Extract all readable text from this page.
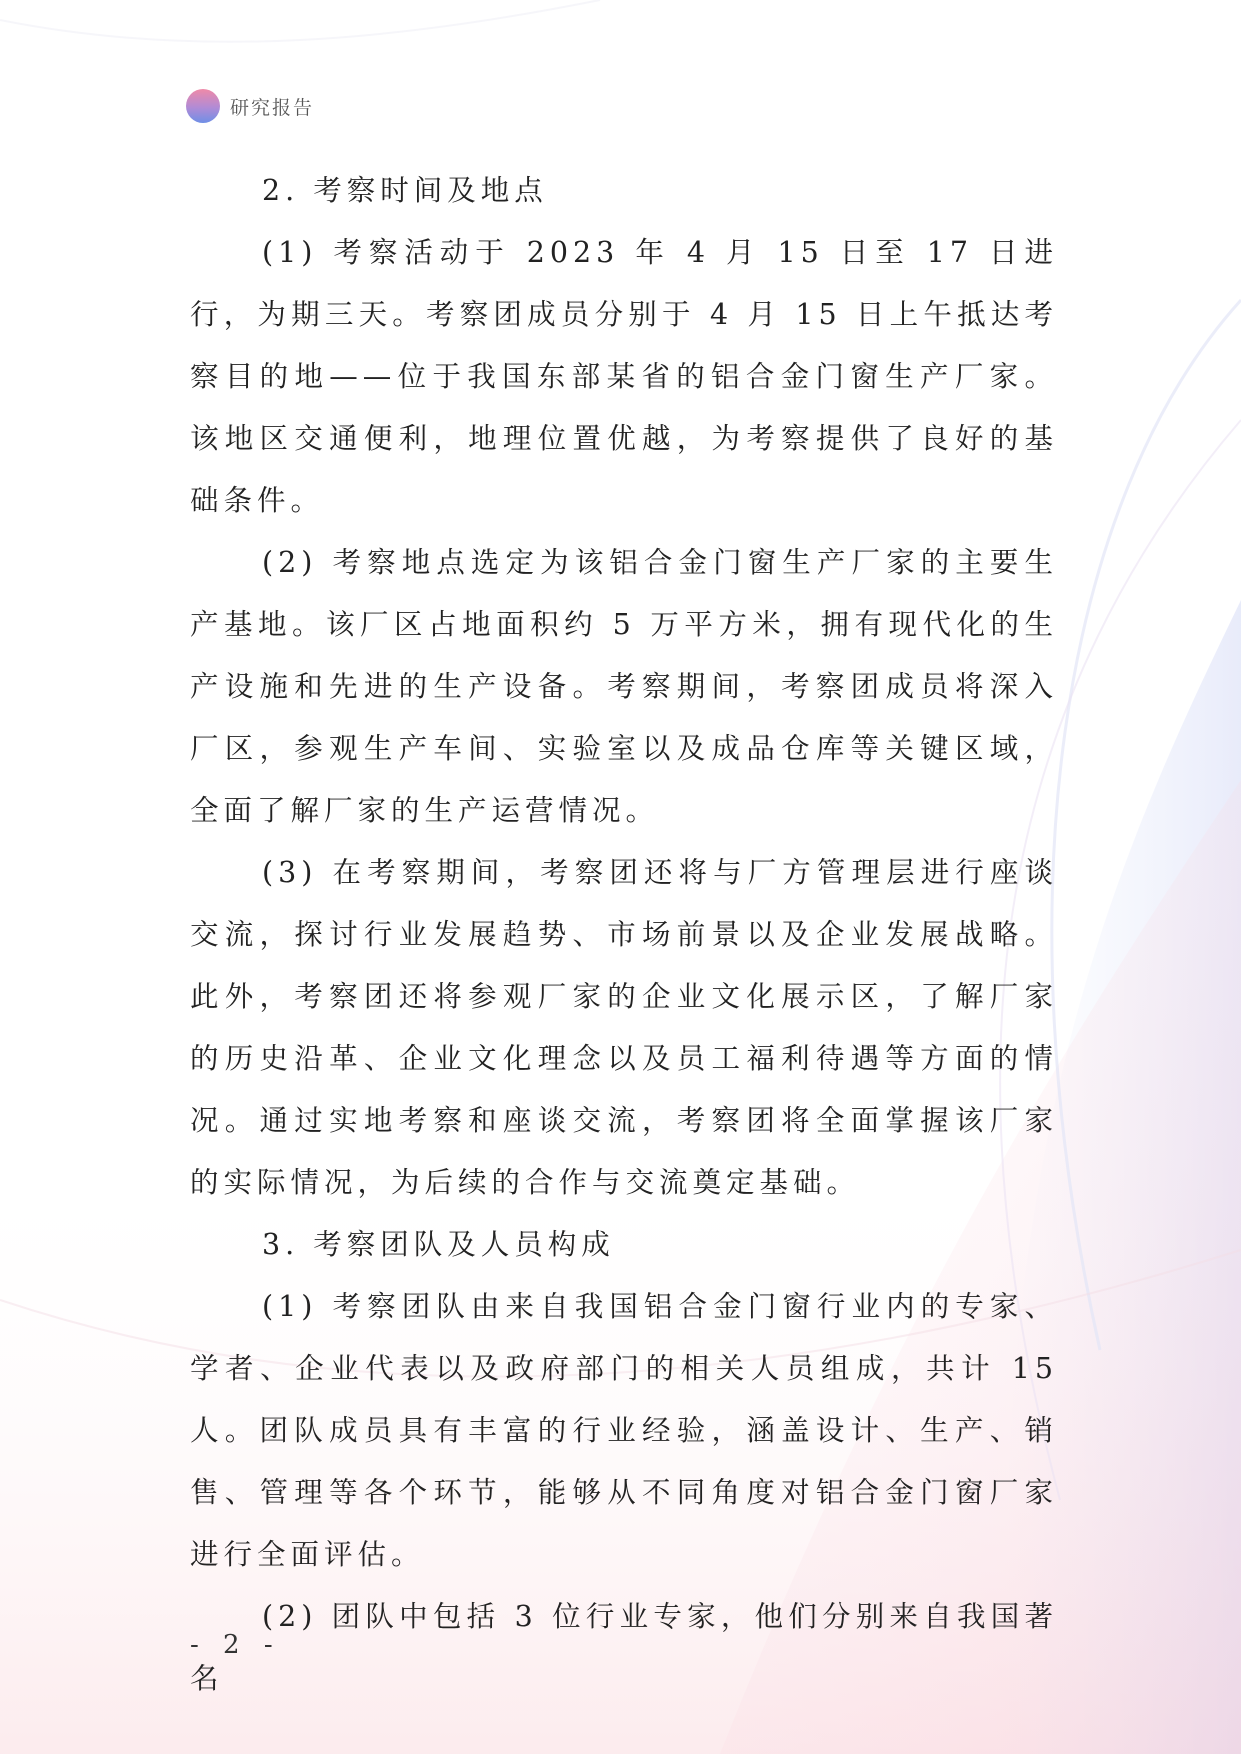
研究报告

2. 考察时间及地点

(1) 考察活动于 2023 年 4 月 15 日至 17 日进行，为期三天。考察团成员分别于 4 月 15 日上午抵达考察目的地——位于我国东部某省的铝合金门窗生产厂家。该地区交通便利，地理位置优越，为考察提供了良好的基础条件。

(2) 考察地点选定为该铝合金门窗生产厂家的主要生产基地。该厂区占地面积约 5 万平方米，拥有现代化的生产设施和先进的生产设备。考察期间，考察团成员将深入厂区，参观生产车间、实验室以及成品仓库等关键区域，全面了解厂家的生产运营情况。

(3) 在考察期间，考察团还将与厂方管理层进行座谈交流，探讨行业发展趋势、市场前景以及企业发展战略。此外，考察团还将参观厂家的企业文化展示区，了解厂家的历史沿革、企业文化理念以及员工福利待遇等方面的情况。通过实地考察和座谈交流，考察团将全面掌握该厂家的实际情况，为后续的合作与交流奠定基础。

3. 考察团队及人员构成

(1) 考察团队由来自我国铝合金门窗行业内的专家、学者、企业代表以及政府部门的相关人员组成，共计 15 人。团队成员具有丰富的行业经验，涵盖设计、生产、销售、管理等各个环节，能够从不同角度对铝合金门窗厂家进行全面评估。

(2) 团队中包括 3 位行业专家，他们分别来自我国著名

- 2 -
